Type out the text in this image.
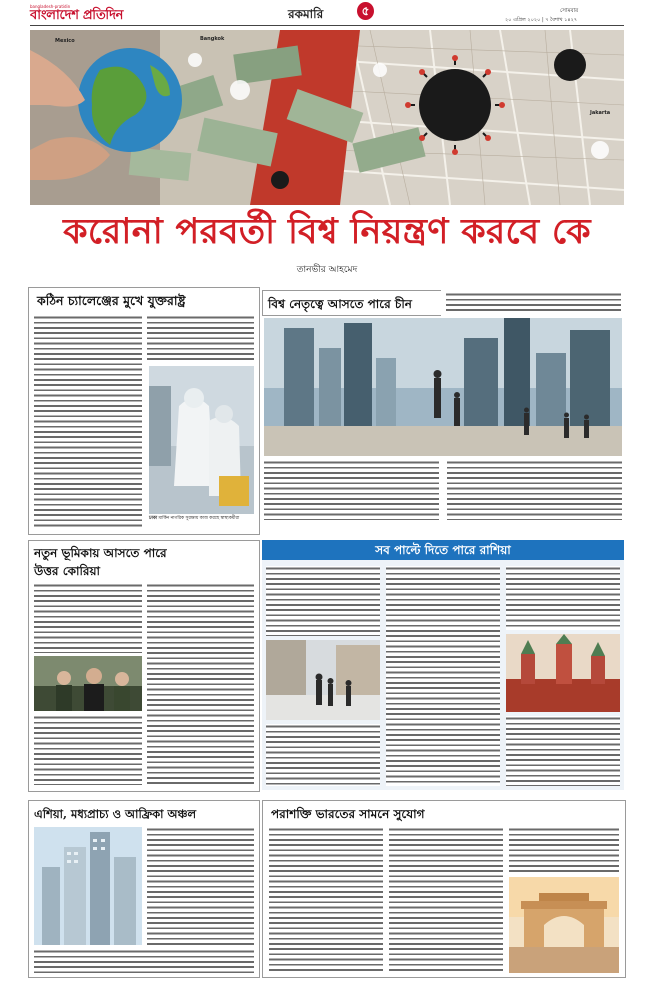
bangladesh-pratidin
বাংলাদেশ প্রতিদিন	রকমারি	৫	সোমবার
২০ এপ্রিল ২০২০ | ৭ বৈশাখ ১৪২৭
Mexico	Bangkok
Jakarta
করোনা পরবর্তী বিশ্ব নিয়ন্ত্রণ করবে কে
তানভীর আহমেদ
কঠিন চ্যালেঞ্জের মুখে যুক্তরাষ্ট্র
ঢাকা মার্কিন নাগরিক সুরক্ষায় কাজ করছে স্বাস্থ্যকর্মীরা
বিশ্ব নেতৃত্বে আসতে পারে চীন
নতুন ভূমিকায় আসতে পারে
উত্তর কোরিয়া
সব পাল্টে দিতে পারে রাশিয়া
এশিয়া, মধ্যপ্রাচ্য ও আফ্রিকা অঞ্চল	পরাশক্তি ভারতের সামনে সুযোগ
